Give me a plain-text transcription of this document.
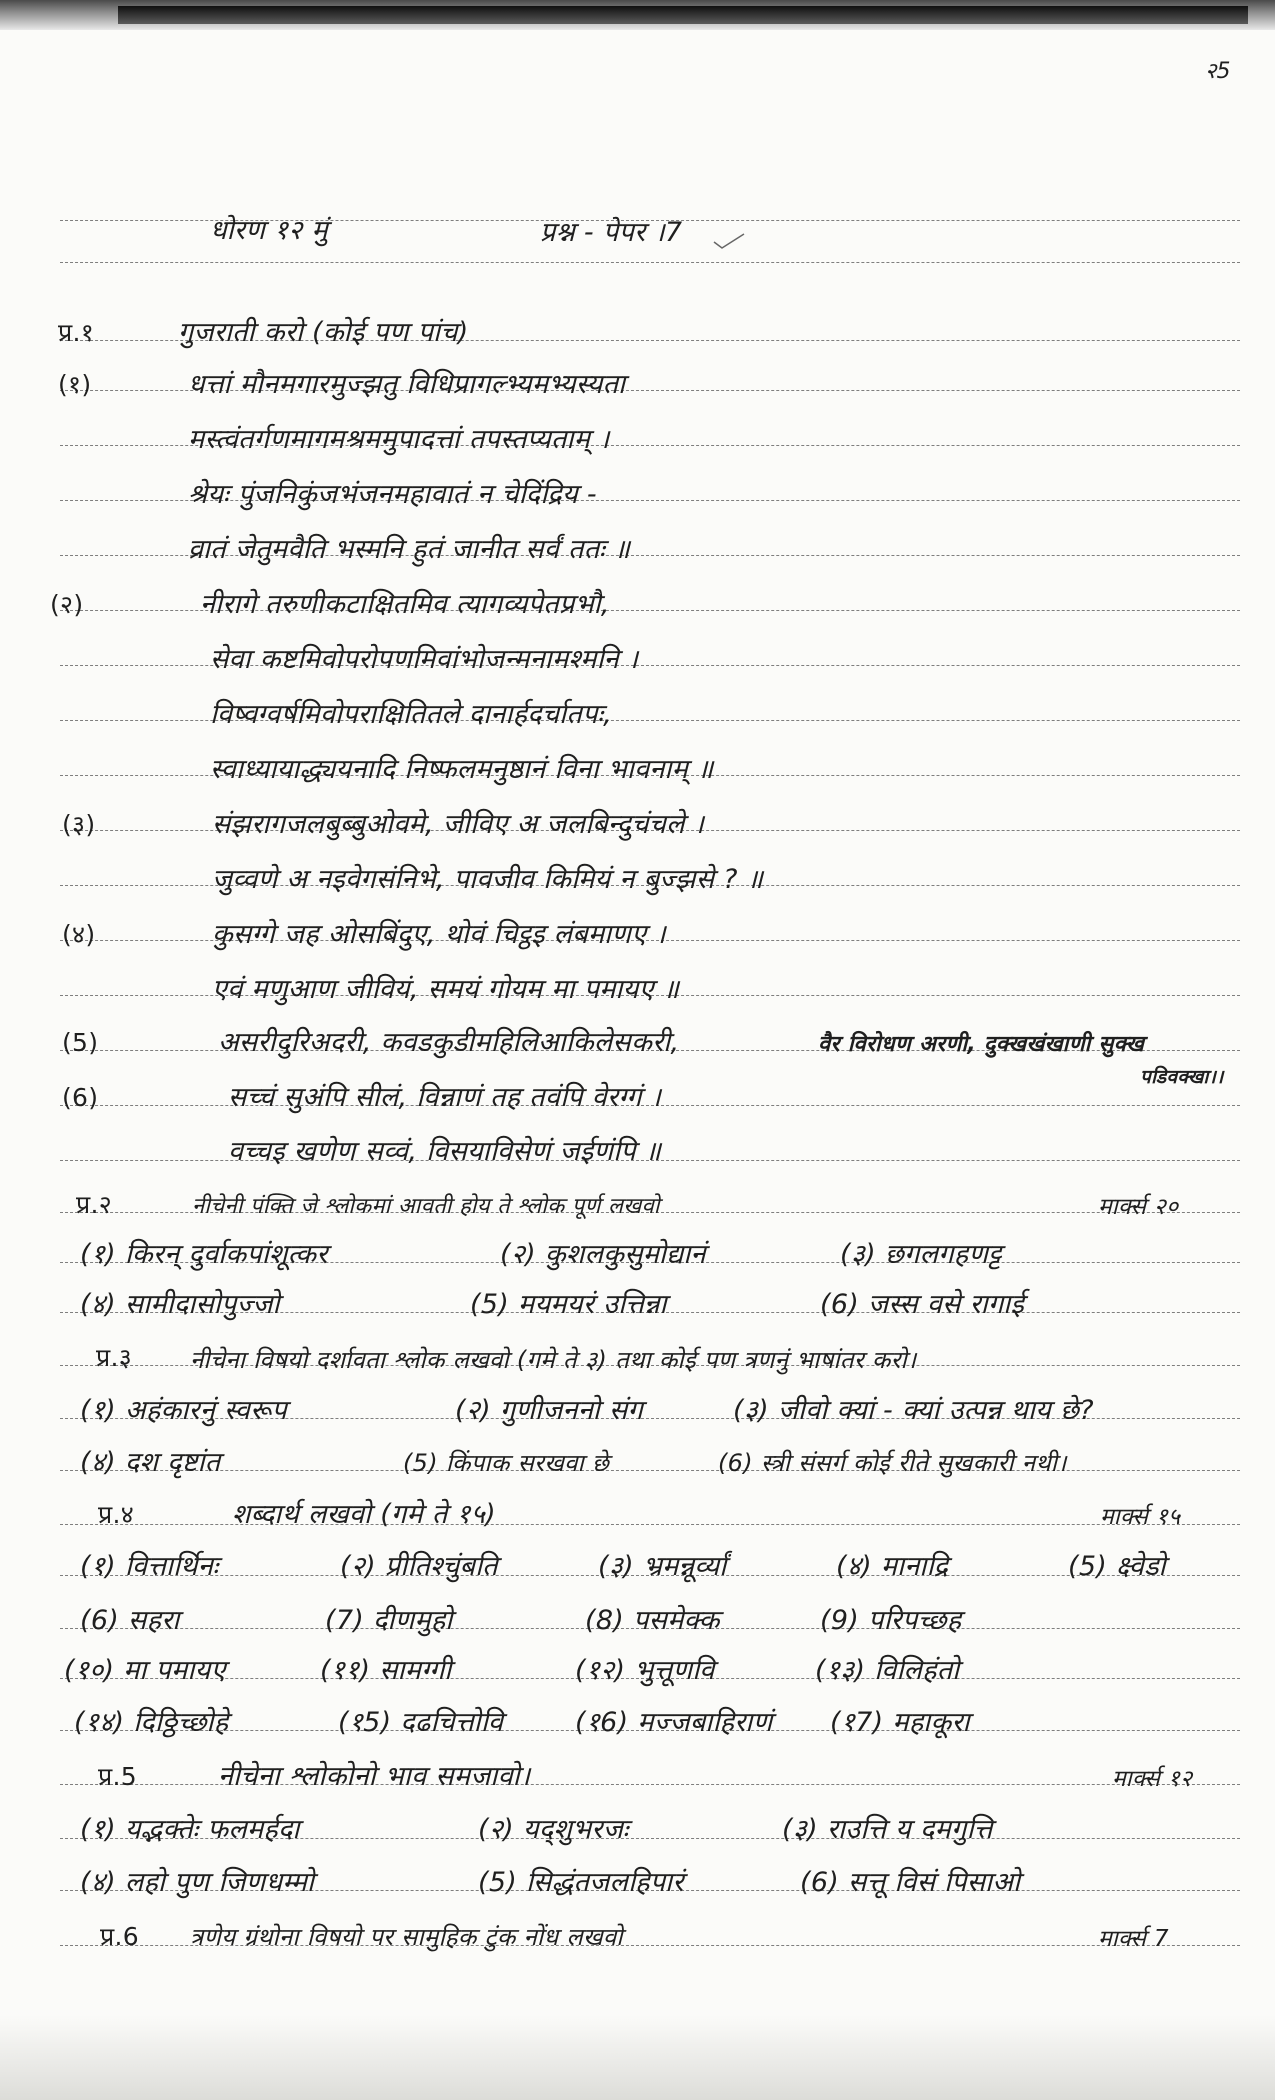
२5
धोरण १२ मुं	प्रश्न - पेपर ।7
प्र.१	गुजराती करो (कोई पण पांच)
(१)	धत्तां मौनमगारमुज्झतु विधिप्रागल्भ्यमभ्यस्यता
मस्त्वंतर्गणमागमश्रममुपादत्तां तपस्तप्यताम् ।
श्रेयः पुंजनिकुंजभंजनमहावातं न चेदिंद्रिय -
व्रातं जेतुमवैति भस्मनि हुतं जानीत सर्वं ततः ॥
(२)	नीरागे तरुणीकटाक्षितमिव त्यागव्यपेतप्रभौ,
सेवा कष्टमिवोपरोपणमिवांभोजन्मनामश्मनि ।
विष्वग्वर्षमिवोपराक्षितितले दानार्हदर्चातपः,
स्वाध्यायाद्ध्ययनादि निष्फलमनुष्ठानं विना भावनाम् ॥
(३)	संझरागजलबुब्बुओवमे, जीविए अ जलबिन्दुचंचले ।
जुव्वणे अ नइवेगसंनिभे, पावजीव किमियं न बुज्झसे ? ॥
(४)	कुसग्गे जह ओसबिंदुए, थोवं चिट्ठइ लंबमाणए ।
एवं मणुआण जीवियं, समयं गोयम मा पमायए ॥
(5)	असरीदुरिअदरी, कवडकुडीमहिलिआकिलेसकरी,	वैर विरोधण अरणी, दुक्खखंखाणी सुक्ख
पडिवक्खा।।
(6)	सच्चं सुअंपि सीलं, विन्नाणं तह तवंपि वेरग्गं ।
वच्चइ खणेण सव्वं, विसयाविसेणं जईणंपि ॥
प्र.२	नीचेनी पंक्ति जे श्लोकमां आवती होय ते श्लोक पूर्ण लखवो	मार्क्स २०
(१) किरन् दुर्वाकपांशूत्कर	(२) कुशलकुसुमोद्यानं	(३) छगलगहणट्ट
(४) सामीदासोपुज्जो	(5) मयमयरं उत्तिन्ना	(6) जस्स वसे रागाई
प्र.३ नीचेना विषयो दर्शावता श्लोक लखवो (गमे ते ३) तथा कोई पण त्रणनुं भाषांतर करो।
(१) अहंकारनुं स्वरूप	(२) गुणीजननो संग	(३) जीवो क्यां - क्यां उत्पन्न थाय छे?
(४) दश दृष्टांत	(5) किंपाक सरखवा छे	(6) स्त्री संसर्ग कोई रीते सुखकारी नथी।
प्र.४	शब्दार्थ लखवो (गमे ते १५)	मार्क्स १५
(१) वित्तार्थिनः	(२) प्रीतिश्चुंबति	(३) भ्रमन्नूर्व्यां	(४) मानाद्रि	(5) क्ष्वेडो
(6) सहरा	(7) दीणमुहो	(8) पसमेक्क	(9) परिपच्छह
(१०) मा पमायए	(११) सामग्गी	(१२) भुत्तूणवि	(१३) विलिहंतो
(१४) दिठ्ठिच्छोहे	(१5) दढचित्तोवि	(१6) मज्जबाहिराणं (१7) महाकूरा
प्र.5	नीचेना श्लोकोनो भाव समजावो।	मार्क्स १२
(१) यद्भक्तेः फलमर्हदा	(२) यद्शुभरजः	(३) राउत्ति य दमगुत्ति
(४) लहो पुण जिणधम्मो	(5) सिद्धंतजलहिपारं	(6) सत्तू विसं पिसाओ
प्र.6 त्रणेय ग्रंथोना विषयो पर सामुहिक टुंक नोंध लखवो	मार्क्स 7
